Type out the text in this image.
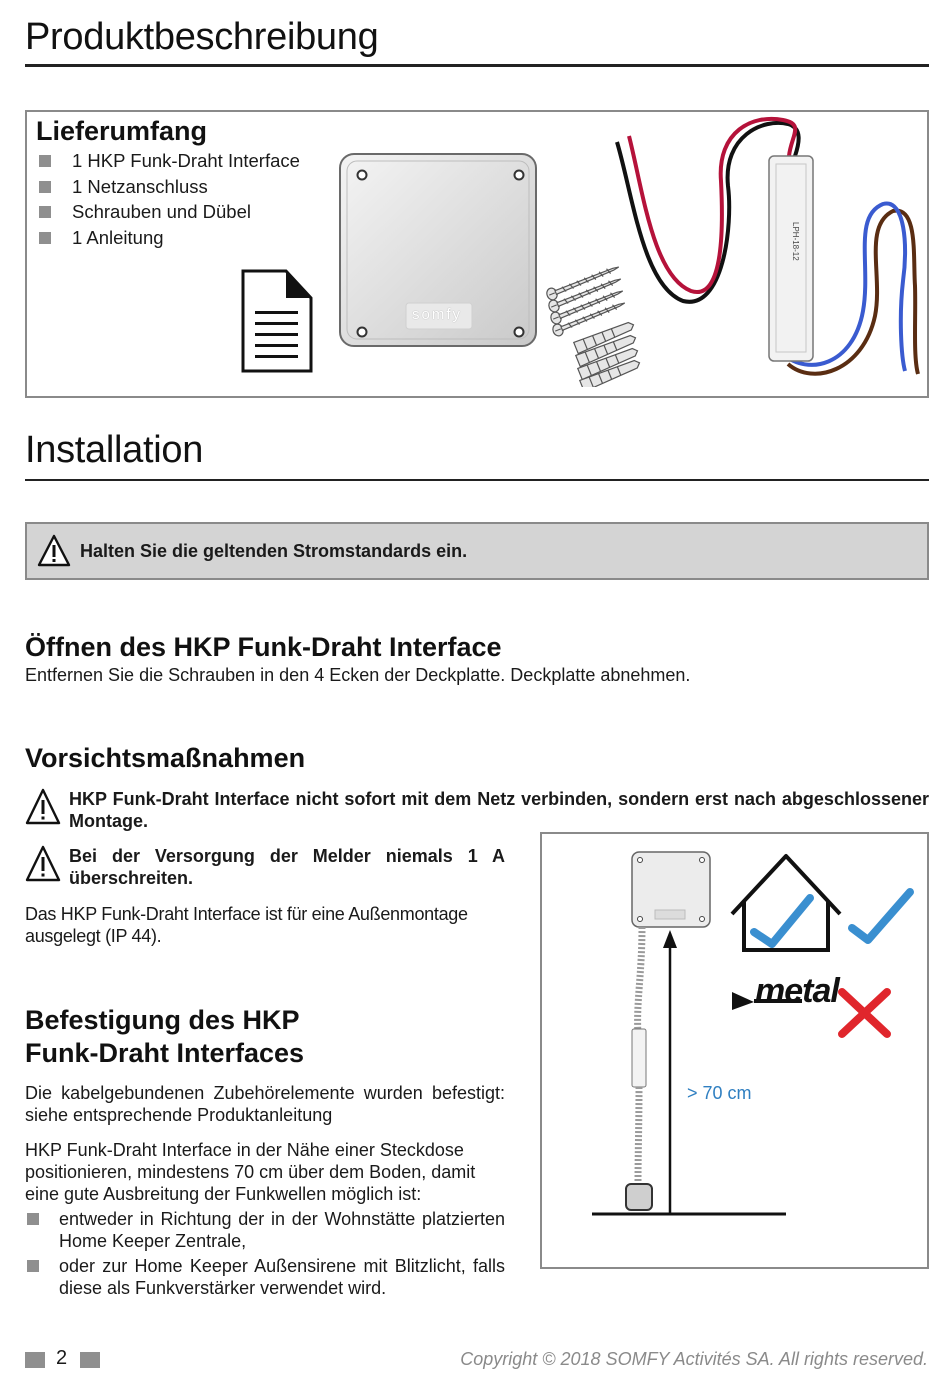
Produktbeschreibung
Lieferumfang
1 HKP Funk-Draht Interface
1 Netzanschluss
Schrauben und Dübel
1 Anleitung
somfy
LPH-18-12
Installation
Halten Sie die geltenden Stromstandards ein.
Öffnen des HKP Funk-Draht Interface
Entfernen Sie die Schrauben in den 4 Ecken der Deckplatte. Deckplatte abnehmen.
Vorsichtsmaßnahmen
HKP Funk-Draht Interface nicht sofort mit dem Netz verbinden, sondern erst nach abgeschlossener Montage.
Bei der Versorgung der Melder niemals 1 A überschreiten.
Das HKP Funk-Draht Interface ist für eine Außenmontage ausgelegt (IP 44).
Befestigung des HKP
Funk-Draht Interfaces
Die kabelgebundenen Zubehörelemente wurden befestigt: siehe entsprechende Produktanleitung
HKP Funk-Draht Interface in der Nähe einer Steckdose positionieren, mindestens 70 cm über dem Boden, damit eine gute Ausbreitung der Funkwellen möglich ist:
entweder in Richtung der in der Wohnstätte platzierten Home Keeper Zentrale,
oder zur Home Keeper Außensirene mit Blitzlicht, falls diese als Funkverstärker verwendet wird.
metal
> 70 cm
2	Copyright © 2018 SOMFY Activités SA. All rights reserved.
